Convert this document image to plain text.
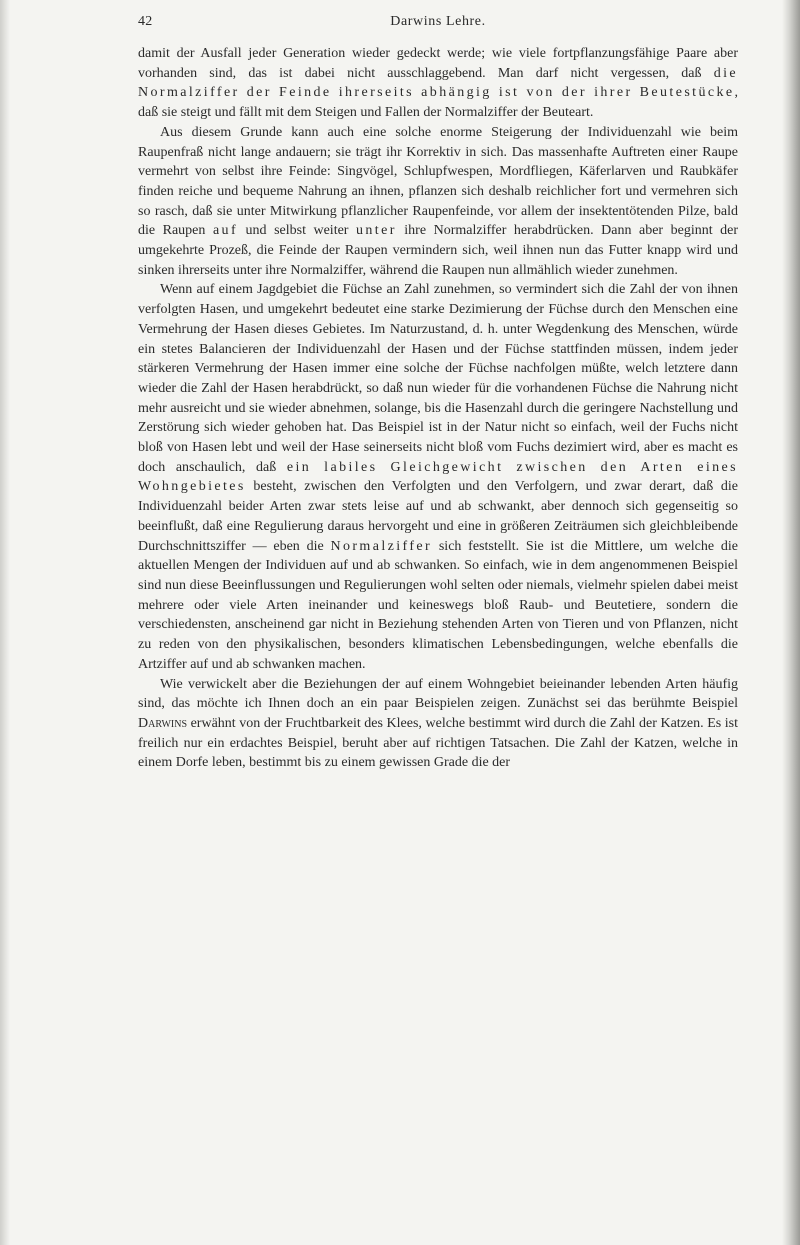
42	Darwins Lehre.

damit der Ausfall jeder Generation wieder gedeckt werde; wie viele fortpflanzungsfähige Paare aber vorhanden sind, das ist dabei nicht ausschlaggebend. Man darf nicht vergessen, daß die Normalziffer der Feinde ihrerseits abhängig ist von der ihrer Beutestücke, daß sie steigt und fällt mit dem Steigen und Fallen der Normalziffer der Beuteart.

Aus diesem Grunde kann auch eine solche enorme Steigerung der Individuenzahl wie beim Raupenfraß nicht lange andauern; sie trägt ihr Korrektiv in sich. Das massenhafte Auftreten einer Raupe vermehrt von selbst ihre Feinde: Singvögel, Schlupfwespen, Mordfliegen, Käferlarven und Raubkäfer finden reiche und bequeme Nahrung an ihnen, pflanzen sich deshalb reichlicher fort und vermehren sich so rasch, daß sie unter Mitwirkung pflanzlicher Raupenfeinde, vor allem der insektentötenden Pilze, bald die Raupen auf und selbst weiter unter ihre Normalziffer herabdrücken. Dann aber beginnt der umgekehrte Prozeß, die Feinde der Raupen vermindern sich, weil ihnen nun das Futter knapp wird und sinken ihrerseits unter ihre Normalziffer, während die Raupen nun allmählich wieder zunehmen.

Wenn auf einem Jagdgebiet die Füchse an Zahl zunehmen, so vermindert sich die Zahl der von ihnen verfolgten Hasen, und umgekehrt bedeutet eine starke Dezimierung der Füchse durch den Menschen eine Vermehrung der Hasen dieses Gebietes. Im Naturzustand, d. h. unter Wegdenkung des Menschen, würde ein stetes Balancieren der Individuenzahl der Hasen und der Füchse stattfinden müssen, indem jeder stärkeren Vermehrung der Hasen immer eine solche der Füchse nachfolgen müßte, welch letztere dann wieder die Zahl der Hasen herabdrückt, so daß nun wieder für die vorhandenen Füchse die Nahrung nicht mehr ausreicht und sie wieder abnehmen, solange, bis die Hasenzahl durch die geringere Nachstellung und Zerstörung sich wieder gehoben hat. Das Beispiel ist in der Natur nicht so einfach, weil der Fuchs nicht bloß von Hasen lebt und weil der Hase seinerseits nicht bloß vom Fuchs dezimiert wird, aber es macht es doch anschaulich, daß ein labiles Gleichgewicht zwischen den Arten eines Wohngebietes besteht, zwischen den Verfolgten und den Verfolgern, und zwar derart, daß die Individuenzahl beider Arten zwar stets leise auf und ab schwankt, aber dennoch sich gegenseitig so beeinflußt, daß eine Regulierung daraus hervorgeht und eine in größeren Zeiträumen sich gleichbleibende Durchschnittsziffer — eben die Normalziffer sich feststellt. Sie ist die Mittlere, um welche die aktuellen Mengen der Individuen auf und ab schwanken. So einfach, wie in dem angenommenen Beispiel sind nun diese Beeinflussungen und Regulierungen wohl selten oder niemals, vielmehr spielen dabei meist mehrere oder viele Arten ineinander und keineswegs bloß Raub- und Beutetiere, sondern die verschiedensten, anscheinend gar nicht in Beziehung stehenden Arten von Tieren und von Pflanzen, nicht zu reden von den physikalischen, besonders klimatischen Lebensbedingungen, welche ebenfalls die Artziffer auf und ab schwanken machen.

Wie verwickelt aber die Beziehungen der auf einem Wohngebiet beieinander lebenden Arten häufig sind, das möchte ich Ihnen doch an ein paar Beispielen zeigen. Zunächst sei das berühmte Beispiel Darwins erwähnt von der Fruchtbarkeit des Klees, welche bestimmt wird durch die Zahl der Katzen. Es ist freilich nur ein erdachtes Beispiel, beruht aber auf richtigen Tatsachen. Die Zahl der Katzen, welche in einem Dorfe leben, bestimmt bis zu einem gewissen Grade die der
